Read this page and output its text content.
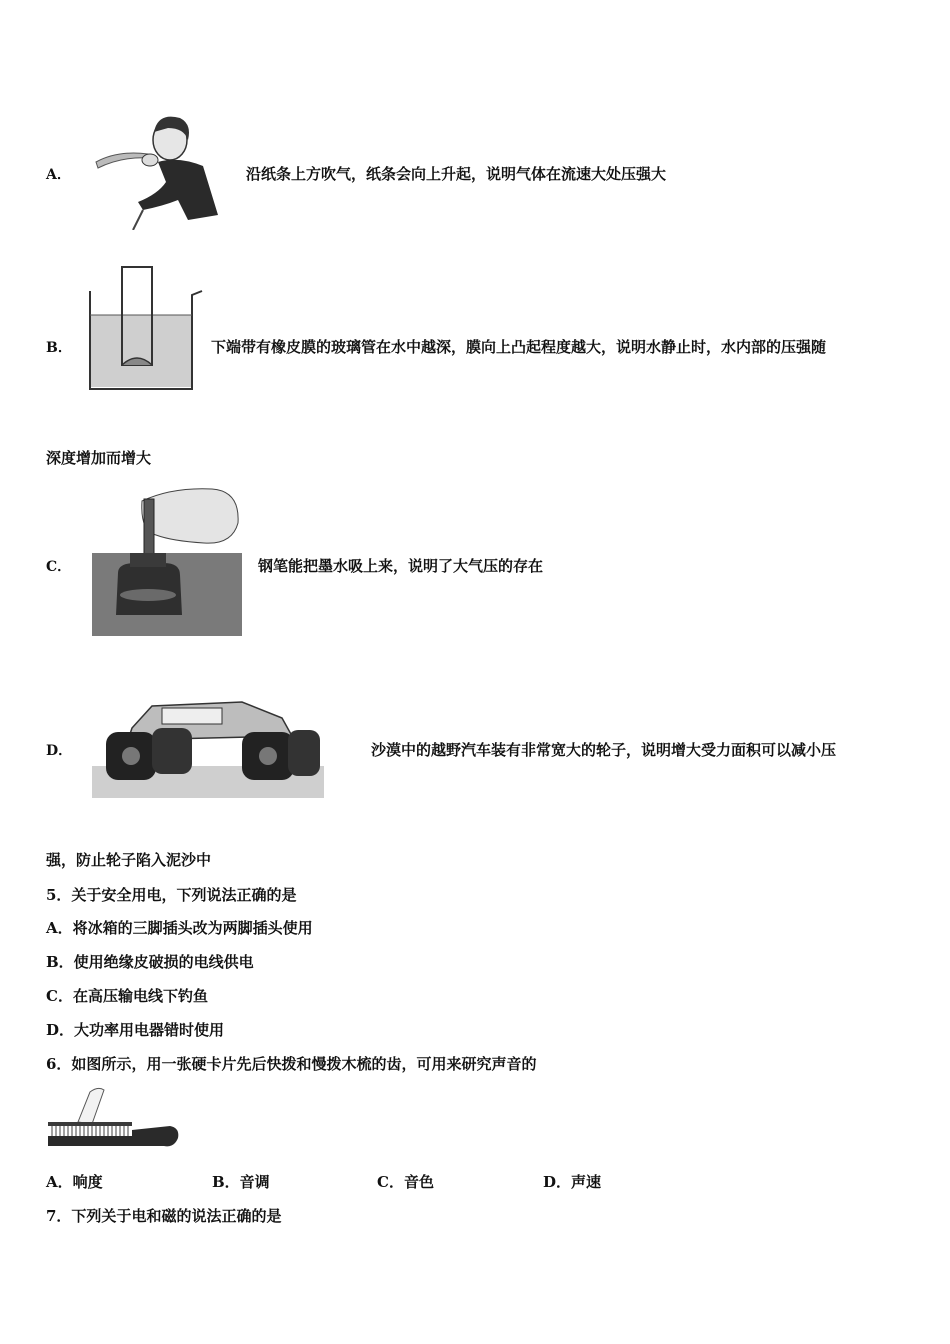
A．	沿纸条上方吹气，纸条会向上升起，说明气体在流速大处压强大
B．	下端带有橡皮膜的玻璃管在水中越深，膜向上凸起程度越大，说明水静止时，水内部的压强随
深度增加而增大
C．	钢笔能把墨水吸上来，说明了大气压的存在
D．	沙漠中的越野汽车装有非常宽大的轮子，说明增大受力面积可以减小压
强，防止轮子陷入泥沙中
5．关于安全用电，下列说法正确的是
A．将冰箱的三脚插头改为两脚插头使用
B．使用绝缘皮破损的电线供电
C．在高压输电线下钓鱼
D．大功率用电器错时使用
6．如图所示，用一张硬卡片先后快拨和慢拨木梳的齿，可用来研究声音的
A．响度	B．音调	C．音色	D．声速
7．下列关于电和磁的说法正确的是
